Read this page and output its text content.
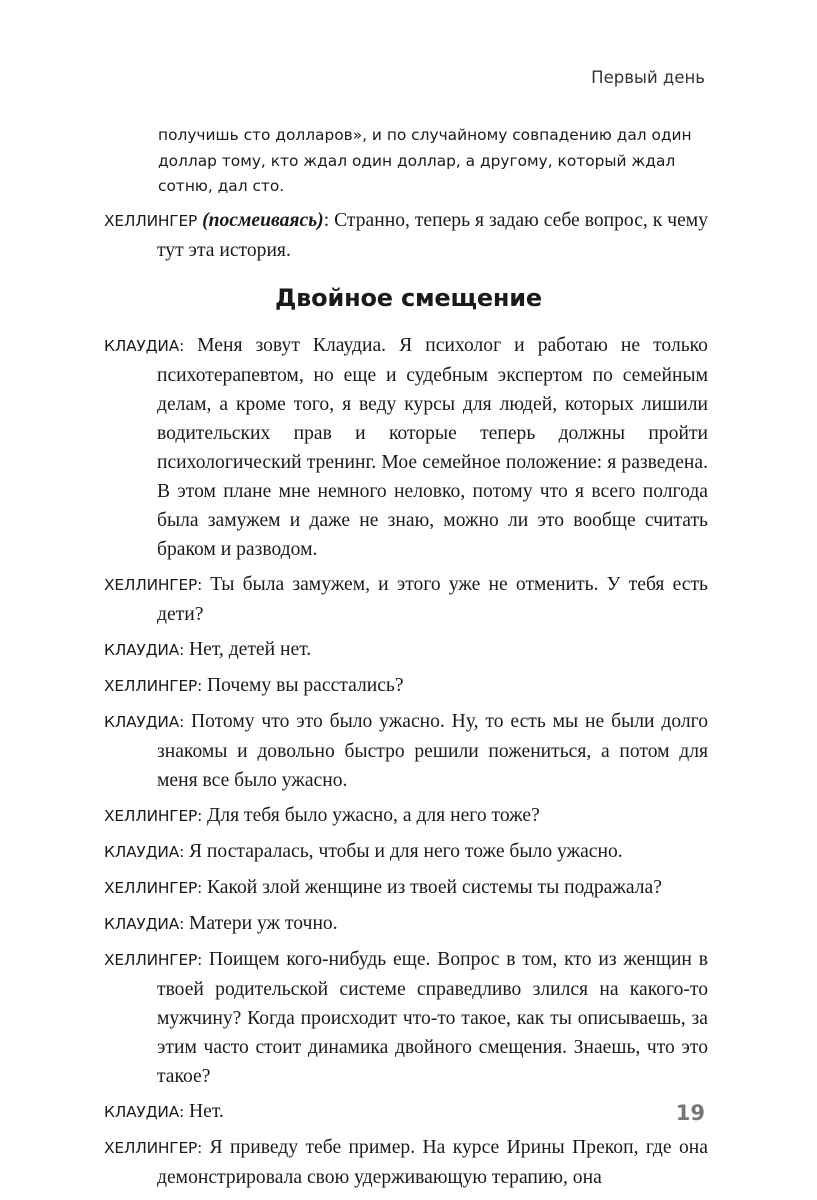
Первый день

получишь сто долларов», и по случайному совпадению дал один доллар тому, кто ждал один доллар, а другому, который ждал сотню, дал сто.

ХЕЛЛИНГЕР (посмеиваясь): Странно, теперь я задаю себе вопрос, к чему тут эта история.

Двойное смещение

КЛАУДИА: Меня зовут Клаудиа. Я психолог и работаю не только психотерапевтом, но еще и судебным экспертом по семейным делам, а кроме того, я веду курсы для людей, которых лишили водительских прав и которые теперь должны пройти психологический тренинг. Мое семейное положение: я разведена. В этом плане мне немного неловко, потому что я всего полгода была замужем и даже не знаю, можно ли это вообще считать браком и разводом.

ХЕЛЛИНГЕР: Ты была замужем, и этого уже не отменить. У тебя есть дети?

КЛАУДИА: Нет, детей нет.

ХЕЛЛИНГЕР: Почему вы расстались?

КЛАУДИА: Потому что это было ужасно. Ну, то есть мы не были долго знакомы и довольно быстро решили пожениться, а потом для меня все было ужасно.

ХЕЛЛИНГЕР: Для тебя было ужасно, а для него тоже?

КЛАУДИА: Я постаралась, чтобы и для него тоже было ужасно.

ХЕЛЛИНГЕР: Какой злой женщине из твоей системы ты подражала?

КЛАУДИА: Матери уж точно.

ХЕЛЛИНГЕР: Поищем кого-нибудь еще. Вопрос в том, кто из женщин в твоей родительской системе справедливо злился на какого-то мужчину? Когда происходит что-то такое, как ты описываешь, за этим часто стоит динамика двойного смещения. Знаешь, что это такое?

КЛАУДИА: Нет.

ХЕЛЛИНГЕР: Я приведу тебе пример. На курсе Ирины Прекоп, где она демонстрировала свою удерживающую терапию, она

19
